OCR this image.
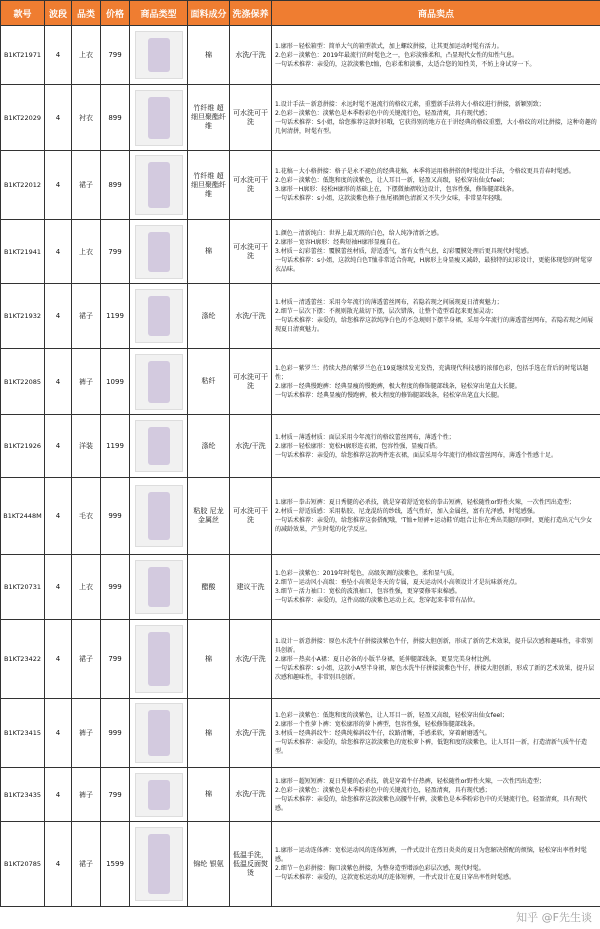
款号	波段	品类	价格	商品类型	面料成分	洗涤保养	商品卖点
B1KT21971	4	上衣	799		棉	水洗/干洗	1.廓形－轻松箱型：简单大气的箱型款式，加上螺纹拼接，让其更加运动时髦有活力。
2.色彩－淡紫色：2019年最流行的时髦色之一，色彩淡雅柔和，凸显现代女性的知性气息。
一句话术推荐：亲爱的，这款淡紫色t恤，色彩柔和淡雅，太适合您的知性美，不妨上身试穿一下。

B1KT22029	4	衬衣	899		竹纤维 超细旦聚酯纤维	可水洗可干洗	1.设计手法－新意拼接：永远时髦不退流行的格纹元素，重塑新手法将大小格纹进行拼接，新颖别致；
2.色彩－淡紫色：淡紫色是本季粉彩色中的关键流行色，轻盈清爽，具有现代感；
一句话术推荐：S小姐，给您推荐这款时衫哦，它获得别的地方在于讲经典的格纹重塑，大小格纹的对比拼接，这种奇趣的几何清拼，时髦有型。

B1KT22012	4	裙子	899		竹纤维 超细旦聚酯纤维	可水洗可干洗	1.花稿－大小格拼接：格子是永不褪色的经典花稿，本季将运用格拼搭的时髦设计手法，令格纹更具青春时髦感。
2.色彩－淡紫色：低饱和度的淡紫色，让人耳目一新，轻盈又高级，轻松穿出仙女feel；
3.廓形－H廓形：轻松H廓形的基础上在，下摆微抽褶收边设计，包容性强，修饰腿部线条。
一句话术推荐：s小姐，这款淡紫色格子鱼尾裙颜色清新又不失少女味，非常显年轻哦。

B1KT21941	4	上衣	799		棉	可水洗可干洗	1.颜色－清新纯白：世界上最无瑕的白色，给人纯净清新之感。
2.廓形－宽容H廓形：经典短袖H廓形显瘦自在。
3.材质－幻彩蕾丝：覆膜蕾丝材质，舒适透气，富有女性气息，幻彩覆膜处理后更具现代时髦感。
一句话术推荐：s小姐，这款纯白色T恤非常适合你呢，H廓形上身显瘦又减龄，最独特的幻彩设计，更能体现您的时髦穿衣品味。

B1KT21932	4	裙子	1199		涤纶	水洗/干洗	1.材质－清透蕾丝：采用今年流行的薄透蕾丝网布，若隐若现之间展现夏日清爽魅力；
2.细节－层次下摆：不规则散光裁切下摆，层次错落，让整个造型看起来更加灵动；
一句话术推荐：亲爱的，给您推荐这款纯净白色的不急规则下摆半身裙，采用今年流行的薄透蕾丝网布，若隐若现之间展现夏日清爽魅力。

B1KT22085	4	裤子	1099		粘纤	可水洗可干洗	1.色彩－紫罗兰：持续大热的紫罗兰色在19夏继续发光发热，充满现代科技感的浓郁色彩，包括手选在背后的时髦话题性；
2.廓形－经典慢跑裤：经典显瘦的慢跑裤，极大程度的修饰腿部线条，轻松穿出笔直大长腿。
一句话术推荐：经典显瘦的慢跑裤，极大程度的修饰腿部线条，轻松穿出笔直大长腿。

B1KT21926	4	洋装	1199		涤纶	水洗/干洗	1.材质－薄透材质：面层采用今年流行的格纹蕾丝网布，薄透个性；
2.廓形－轻松廓形：宽松H廓形连衣裙，包容性强，显瘦百搭。
一句话术推荐：亲爱的，给您推荐这款两件连衣裙，面层采用今年流行的格纹蕾丝网布，薄透个性感十足。

B1KT2448M	4	毛衣	999		粘胶 尼龙 金属丝	可水洗可干洗	1.廓形－拳击短裤：夏日秀腿的必杀技，就是穿着舒适宽松的拳击短裤，轻松随性or野性火辣，一次性凹出造型；
2.材质－舒适质感：采用粘胶、尼龙混纺的纱线，透气性好，加入金属丝，富有光泽感，时髦感强。
一句话术推荐：亲爱的，给您推荐这套搭配哦，'T恤+短裤+运动鞋'的组合让你在秀出美腿的同时，更能打造出元气少女的减龄效果，产生时髦的化学反应。

B1KT20731	4	上衣	999		醋酸	建议干洗	1.色彩－淡紫色：2019年时髦色，高级灰调的淡紫色，柔和显气质。
2.细节－运动风小高级：垂坠小高领是冬天的专属，夏天运动风小高领设计才是玩味新亮点。
3.细节－活力袖口：宽松的波浪袖口，包容性强，更穿要修零束棉感。
一句话术推荐：亲爱的，这件高级的淡紫色运动上衣，您穿起来非常有品位。

B1KT23422	4	裙子	799		棉	水洗/干洗	1.设计－新意拼接：原色水洗牛仔拼接淡紫色牛仔，拼接大胆创新，形成了新的艺术效果，提升层次感和趣味性，非常别具创新。
2.廓形－热卖小A裙：夏日必备的小版半身裙，延伸腿部线条，更显完美身材比例。
一句话术推荐：s小姐，这款小A型半身裙，原色水洗牛仔拼接淡紫色牛仔，拼接大胆创新，形成了新的艺术效果，提升层次感和趣味性，非常别具创新。

B1KT23415	4	裤子	999		棉	水洗/干洗	1.色彩－淡紫色：低饱和度的淡紫色，让人耳目一新，轻盈又高级，轻松穿出仙女feel；
2.廓形－个性萝卜裤：宽松廓形的萝卜裤型，包容性强，轻松修饰腿部线条。
3.材质－经典斜纹牛：经典纯棉斜纹牛仔，纹路清晰，手感柔软，穿着耐磨透气。
一句话术推荐：亲爱的，给您推荐这款淡紫色的宽松萝卜裤，低饱和度的淡紫色，让人耳目一新，打造清新气质牛仔造型。

B1KT23435	4	裤子	799		棉	水洗/干洗	1.廓形－超短短裤：夏日秀腿的必杀技，就是穿着牛仔热裤，轻松随性or野性火辣，一次性凹出造型；
2.色彩－淡紫色：淡紫色是本季粉彩色中的关键流行色，轻盈清爽，具有现代感；
一句话术推荐：亲爱的，给您推荐这款淡紫色高腰牛仔裤，淡紫色是本季粉彩色中的关键流行色，轻盈清爽，具有现代感。

B1KT20785	4	裙子	1599		锦纶 银氨	低温手洗，低温反面熨烫	1.廓形－运动连体裤：宽松运动风的连体短裤，一件式设计在烈日炎炎的夏日为您解决搭配的烦恼，轻松穿出率性时髦感。
2.细节－色彩拼接：胸口淡紫色拼接，为整身造型增添色彩层次感，现代时髦。
一句话术推荐：亲爱的，这款宽松运动风的连体短裤，一件式设计在夏日穿出率性时髦感。
知乎 @F先生谈
